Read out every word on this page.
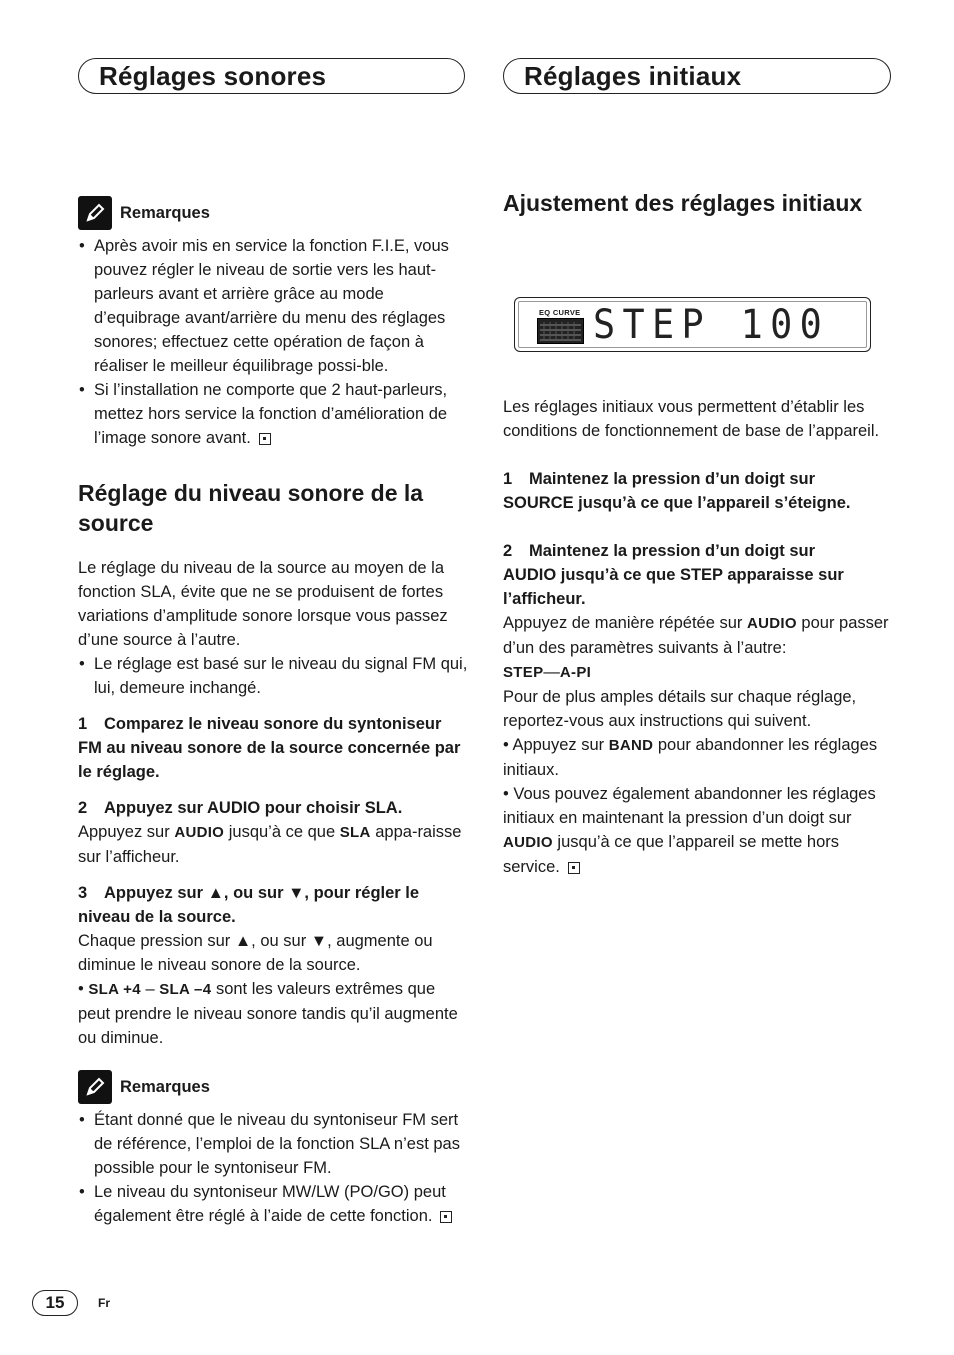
Réglages sonores	Réglages initiaux
Remarques
• Après avoir mis en service la fonction F.I.E, vous pouvez régler le niveau de sortie vers les haut-parleurs avant et arrière grâce au mode d’equibrage avant/arrière du menu des réglages sonores; effectuez cette opération de façon à réaliser le meilleur équilibrage possi-ble.
• Si l’installation ne comporte que 2 haut-parleurs, mettez hors service la fonction d’amélioration de l’image sonore avant.

Réglage du niveau sonore de la source

Le réglage du niveau de la source au moyen de la fonction SLA, évite que ne se produisent de fortes variations d’amplitude sonore lorsque vous passez d’une source à l’autre.

• Le réglage est basé sur le niveau du signal FM qui, lui, demeure inchangé.

1 Comparez le niveau sonore du syntoniseur FM au niveau sonore de la source concernée par le réglage.

2 Appuyez sur AUDIO pour choisir SLA.

Appuyez sur AUDIO jusqu’à ce que SLA appa-raisse sur l’afficheur.

3 Appuyez sur ▲, ou sur ▼, pour régler le niveau de la source.

Chaque pression sur ▲, ou sur ▼, augmente ou diminue le niveau sonore de la source.

• SLA +4 – SLA –4 sont les valeurs extrêmes que peut prendre le niveau sonore tandis qu’il augmente ou diminue.

Remarques
• Étant donné que le niveau du syntoniseur FM sert de référence, l’emploi de la fonction SLA n’est pas possible pour le syntoniseur FM.
• Le niveau du syntoniseur MW/LW (PO/GO) peut également être réglé à l’aide de cette fonction.

Ajustement des réglages initiaux

EQ CURVE STEP 100

Les réglages initiaux vous permettent d’établir les conditions de fonctionnement de base de l’appareil.

1 Maintenez la pression d’un doigt sur
SOURCE jusqu’à ce que l’appareil s’éteigne.

2 Maintenez la pression d’un doigt sur
AUDIO jusqu’à ce que STEP apparaisse sur l’afficheur.

Appuyez de manière répétée sur AUDIO pour passer d’un des paramètres suivants à l’autre:

STEP—A-PI

Pour de plus amples détails sur chaque réglage, reportez-vous aux instructions qui suivent.

• Appuyez sur BAND pour abandonner les réglages initiaux.

• Vous pouvez également abandonner les réglages initiaux en maintenant la pression d’un doigt sur AUDIO jusqu’à ce que l’appareil se mette hors service.

15	Fr
